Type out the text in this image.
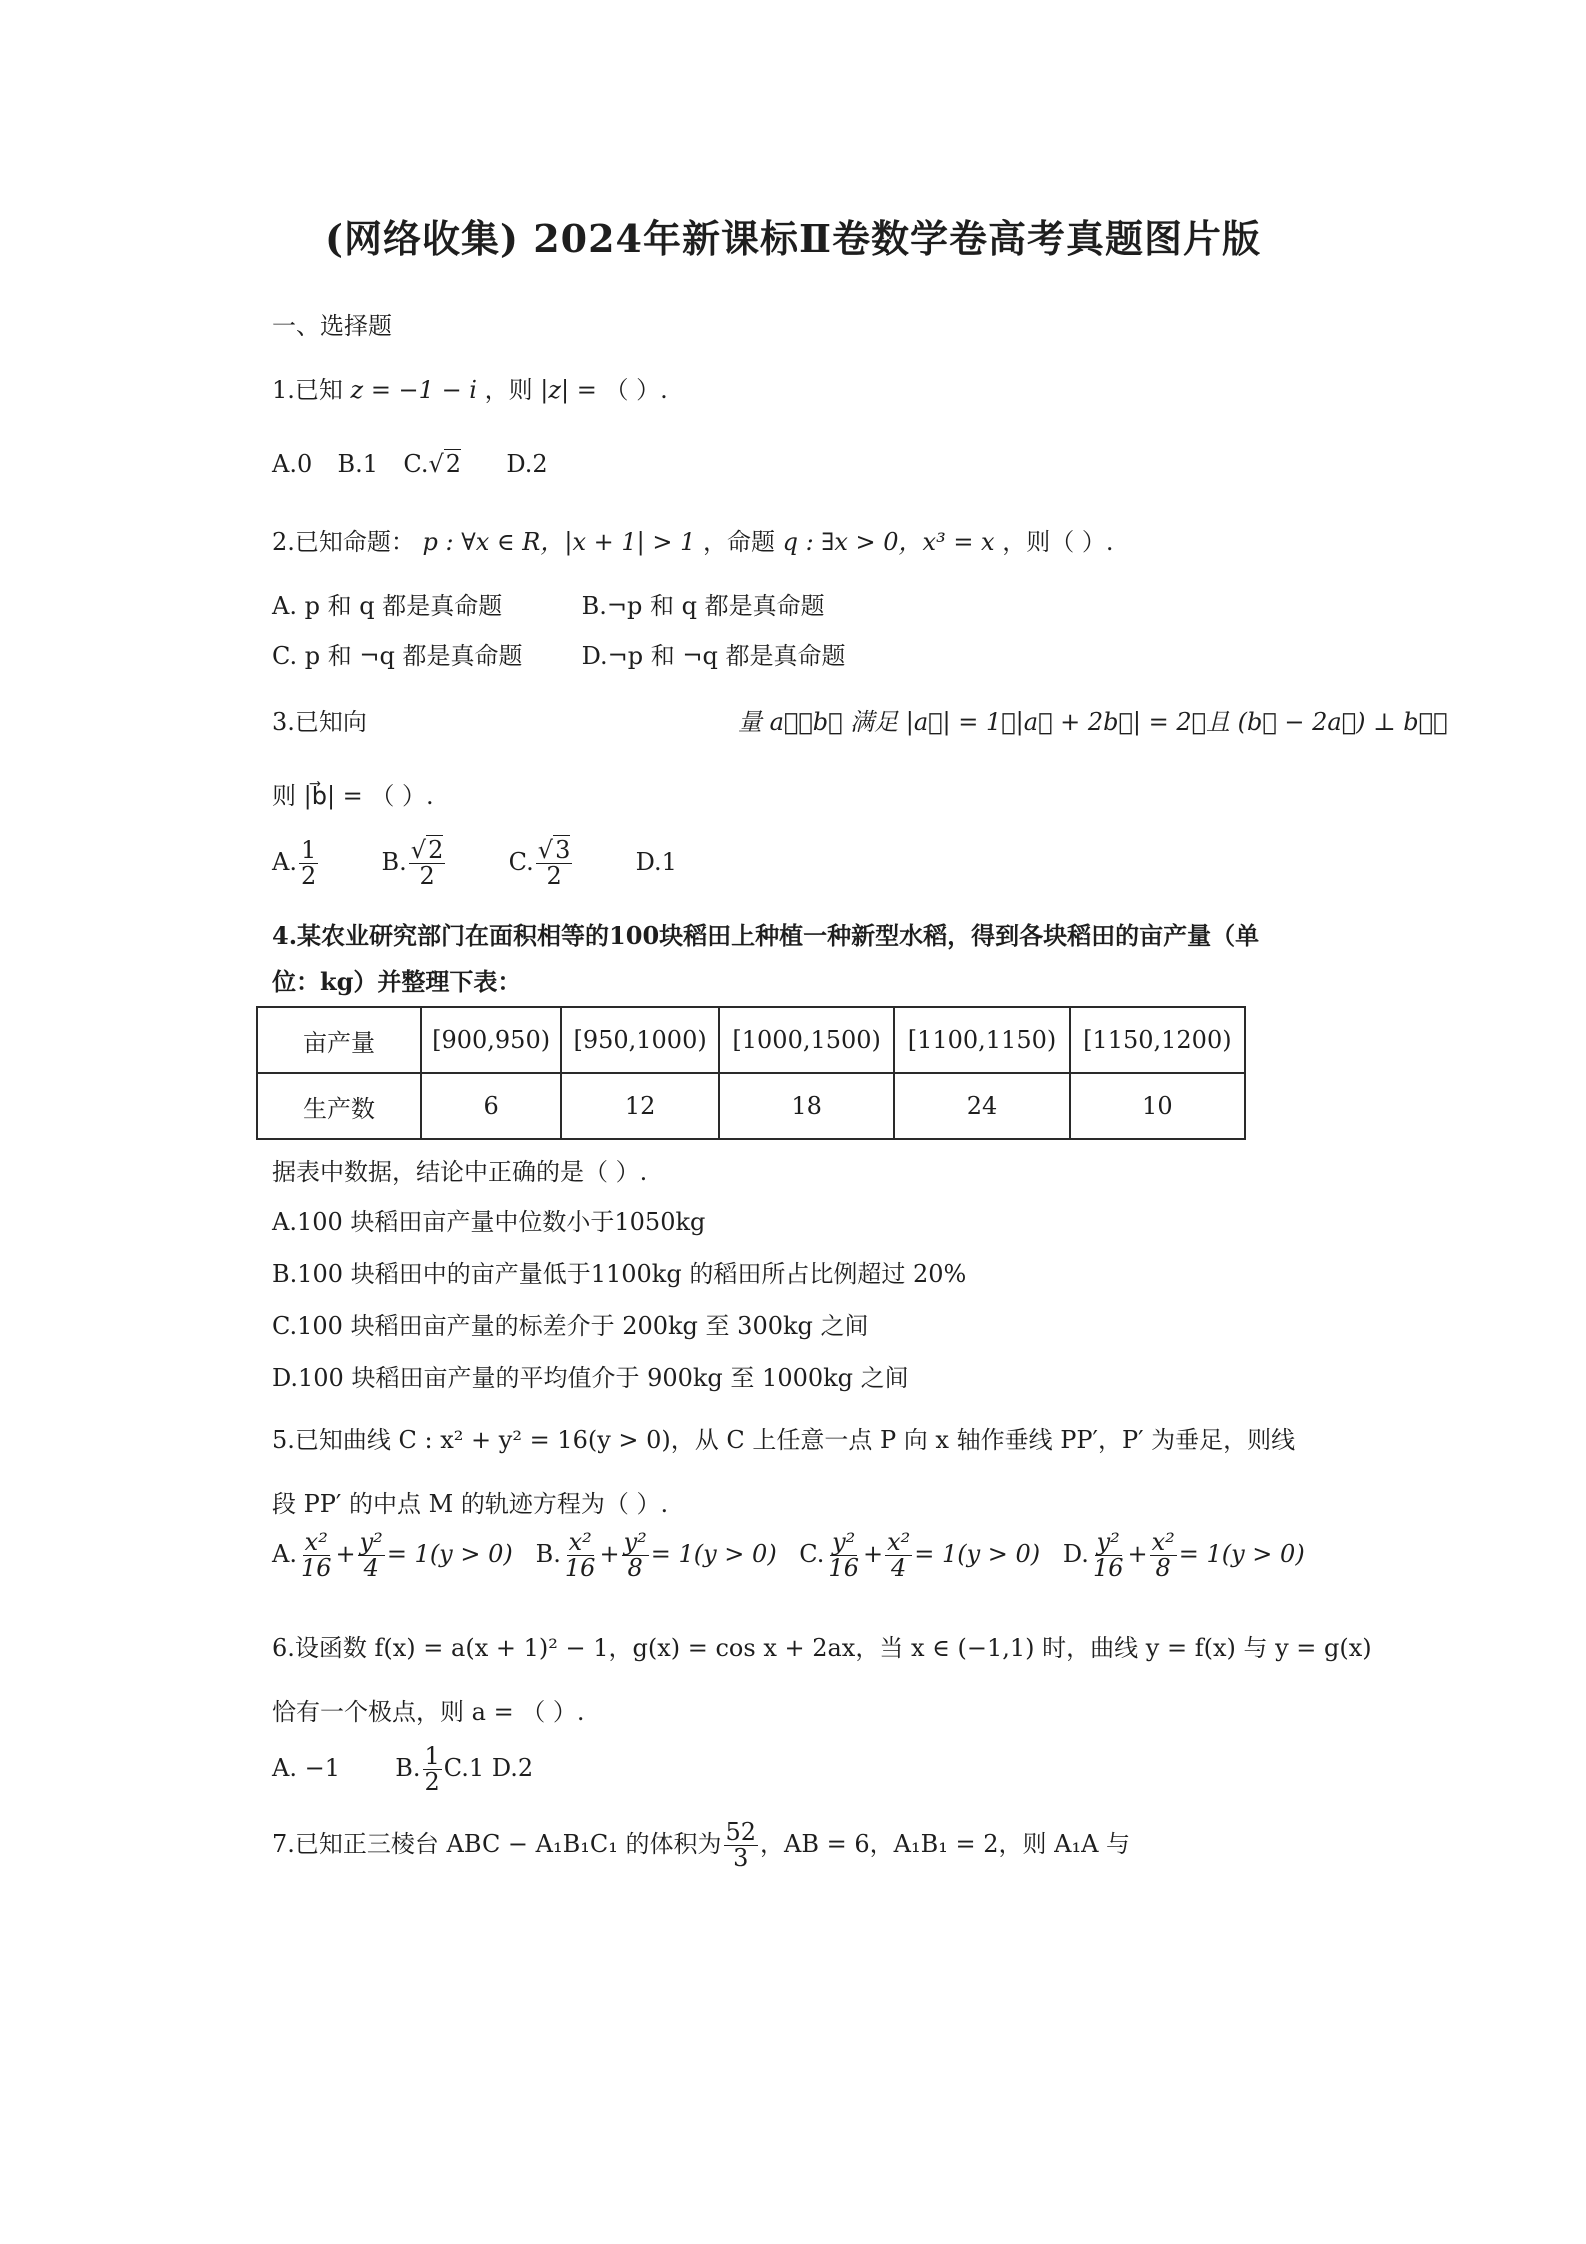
(网络收集) 2024年新课标Ⅱ卷数学卷高考真题图片版
一、选择题
1.已知 z = −1 − i ，则 |z| = （ ）.
A.0 B.1 C.√2 D.2
2.已知命题： p : ∀x ∈ R，|x + 1| > 1 ，命题 q : ∃x > 0，x³ = x ，则（ ）.
A. p 和 q 都是真命题	B.¬p 和 q 都是真命题
C. p 和 ¬q 都是真命题 D.¬p 和 ¬q 都是真命题
3.已知向	量 a⃗，b⃗ 满足 |a⃗| = 1，|a⃗ + 2b⃗| = 2，且 (b⃗ − 2a⃗) ⊥ b⃗，
则 |b⃗| = （ ）.
A. $\frac{1}{2}$	B. $\frac{√2}{2}$	C. $\frac{√3}{2}$	D.1
4.某农业研究部门在面积相等的100块稻田上种植一种新型水稻，得到各块稻田的亩产量（单
位：kg）并整理下表：
亩产量	[900,950)	[950,1000)	[1000,1500)	[1100,1150)	[1150,1200)
生产数	6	12	18	24	10
据表中数据，结论中正确的是（ ）.
A.100 块稻田亩产量中位数小于1050kg
B.100 块稻田中的亩产量低于1100kg 的稻田所占比例超过 20%
C.100 块稻田亩产量的标差介于 200kg 至 300kg 之间
D.100 块稻田亩产量的平均值介于 900kg 至 1000kg 之间
5.已知曲线 C : x² + y² = 16(y > 0)，从 C 上任意一点 P 向 x 轴作垂线 PP′，P′ 为垂足，则线
段 PP′ 的中点 M 的轨迹方程为（ ）.
A. $\frac{\text{x²}}{16} + \frac{\text{y²}}{4} = 1(y > 0)$ B. $\frac{\text{x²}}{16} + \frac{\text{y²}}{8} = 1(y > 0)$ C. $\frac{\text{y²}}{16} + \frac{\text{x²}}{4} = 1(y > 0)$ D. $\frac{\text{y²}}{16} + \frac{\text{x²}}{8} = 1(y > 0)$
6.设函数 f(x) = a(x + 1)² − 1，g(x) = cos x + 2ax，当 x ∈ (−1,1) 时，曲线 y = f(x) 与 y = g(x)
恰有一个极点，则 a = （ ）.
A. −1 B. $\frac{1}{2} C.1$ D.2
7.已知正三棱台 ABC − A₁B₁C₁ 的体积为 $\frac{52}{3}$ ，AB = 6，A₁B₁ = 2，则 A₁A 与
